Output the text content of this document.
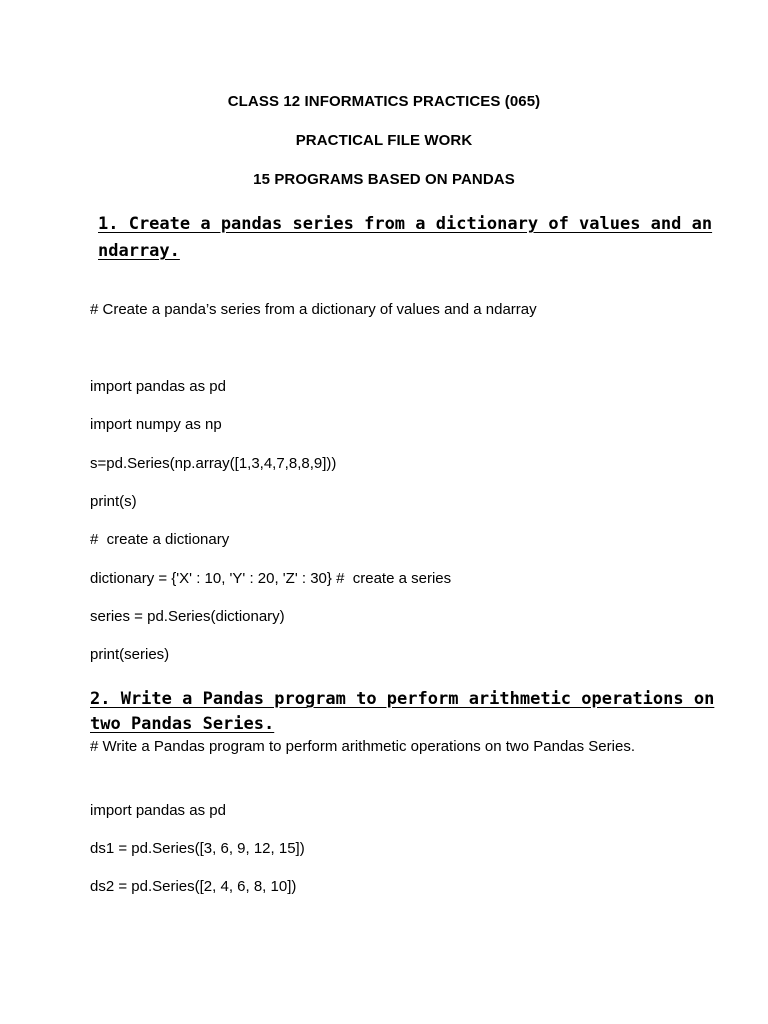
CLASS 12 INFORMATICS PRACTICES (065)
PRACTICAL FILE WORK
15 PROGRAMS BASED ON PANDAS
1. Create a pandas series from a dictionary of values and an
ndarray.
# Create a panda’s series from a dictionary of values and a ndarray
import pandas as pd
import numpy as np
s=pd.Series(np.array([1,3,4,7,8,8,9]))
print(s)
#  create a dictionary
dictionary = {'X' : 10, 'Y' : 20, 'Z' : 30} #  create a series
series = pd.Series(dictionary)
print(series)
2. Write a Pandas program to perform arithmetic operations on
two Pandas Series.
# Write a Pandas program to perform arithmetic operations on two Pandas Series.
import pandas as pd
ds1 = pd.Series([3, 6, 9, 12, 15])
ds2 = pd.Series([2, 4, 6, 8, 10])
